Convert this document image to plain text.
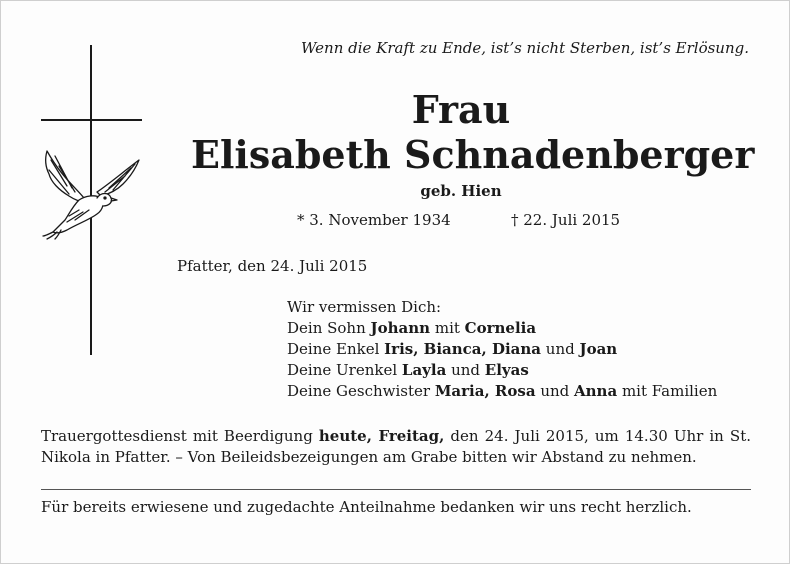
Wenn die Kraft zu Ende, ist’s nicht Sterben, ist’s Erlösung.
Frau
Elisabeth Schnadenberger
geb. Hien
* 3. November 1934	† 22. Juli 2015
Pfatter, den 24. Juli 2015
Wir vermissen Dich:
Dein Sohn Johann mit Cornelia
Deine Enkel Iris, Bianca, Diana und Joan
Deine Urenkel Layla und Elyas
Deine Geschwister Maria, Rosa und Anna mit Familien
Trauergottesdienst mit Beerdigung heute, Freitag, den 24. Juli 2015, um 14.30 Uhr in St. Nikola in Pfatter. – Von Beileidsbezeigungen am Grabe bitten wir Abstand zu nehmen.
Für bereits erwiesene und zugedachte Anteilnahme bedanken wir uns recht herzlich.
